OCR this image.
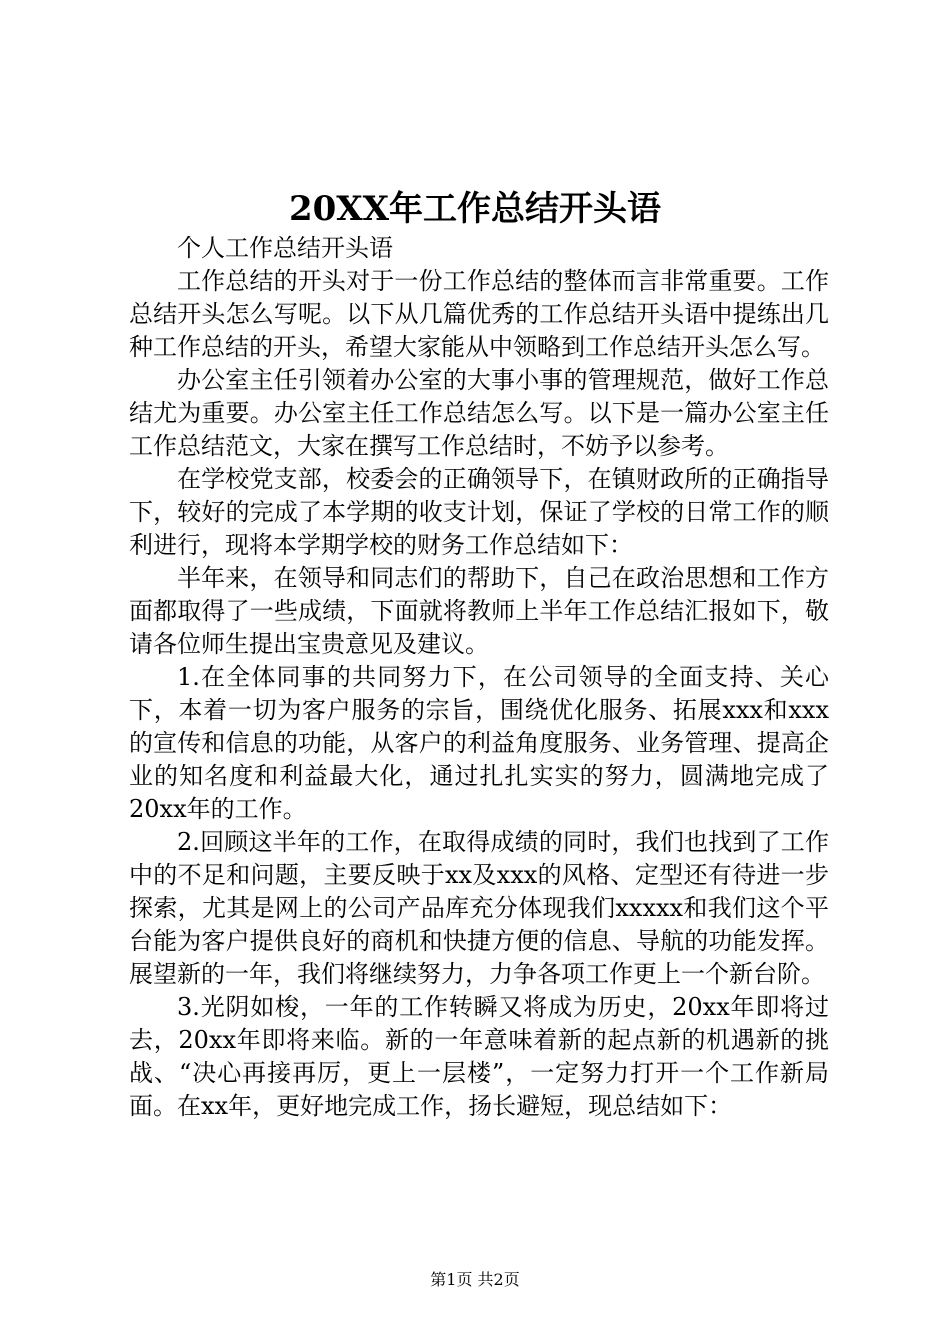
20XX年工作总结开头语

个人工作总结开头语

工作总结的开头对于一份工作总结的整体而言非常重要。工作总结开头怎么写呢。以下从几篇优秀的工作总结开头语中提练出几种工作总结的开头，希望大家能从中领略到工作总结开头怎么写。

办公室主任引领着办公室的大事小事的管理规范，做好工作总结尤为重要。办公室主任工作总结怎么写。以下是一篇办公室主任工作总结范文，大家在撰写工作总结时，不妨予以参考。

在学校党支部，校委会的正确领导下，在镇财政所的正确指导下，较好的完成了本学期的收支计划，保证了学校的日常工作的顺利进行，现将本学期学校的财务工作总结如下：

半年来，在领导和同志们的帮助下，自己在政治思想和工作方面都取得了一些成绩，下面就将教师上半年工作总结汇报如下，敬请各位师生提出宝贵意见及建议。

1.在全体同事的共同努力下，在公司领导的全面支持、关心下，本着一切为客户服务的宗旨，围绕优化服务、拓展xxx和xxx的宣传和信息的功能，从客户的利益角度服务、业务管理、提高企业的知名度和利益最大化，通过扎扎实实的努力，圆满地完成了20xx年的工作。

2.回顾这半年的工作，在取得成绩的同时，我们也找到了工作中的不足和问题，主要反映于xx及xxx的风格、定型还有待进一步探索，尤其是网上的公司产品库充分体现我们xxxxx和我们这个平台能为客户提供良好的商机和快捷方便的信息、导航的功能发挥。展望新的一年，我们将继续努力，力争各项工作更上一个新台阶。

3.光阴如梭，一年的工作转瞬又将成为历史，20xx年即将过去，20xx年即将来临。新的一年意味着新的起点新的机遇新的挑战、“决心再接再厉，更上一层楼”，一定努力打开一个工作新局面。在xx年，更好地完成工作，扬长避短，现总结如下：

第1页 共2页
